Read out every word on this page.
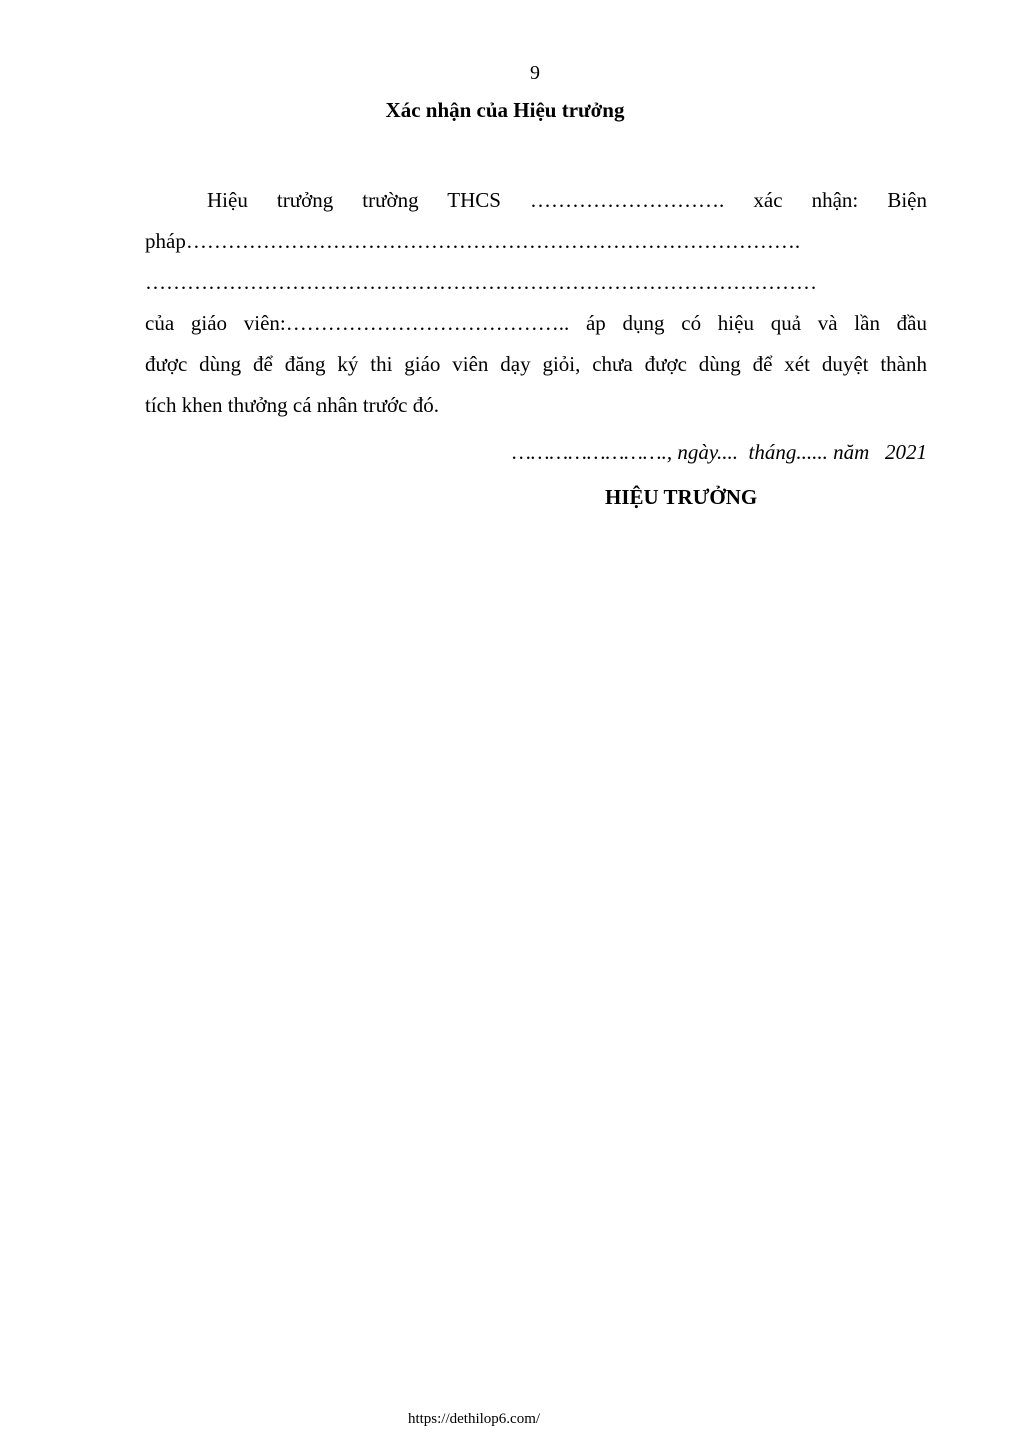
9
Xác nhận của Hiệu trưởng
Hiệu trưởng trường THCS ………………………. xác nhận: Biện
pháp…………………………………………………………………………….
……………………………………………………………………………………
của giáo viên:………………………………….. áp dụng có hiệu quả và lần đầu
được dùng để đăng ký thi giáo viên dạy giỏi, chưa được dùng để xét duyệt thành
tích khen thưởng cá nhân trước đó.
……………………., ngày....  tháng...... năm   2021
HIỆU TRƯỞNG
https://dethilop6.com/
